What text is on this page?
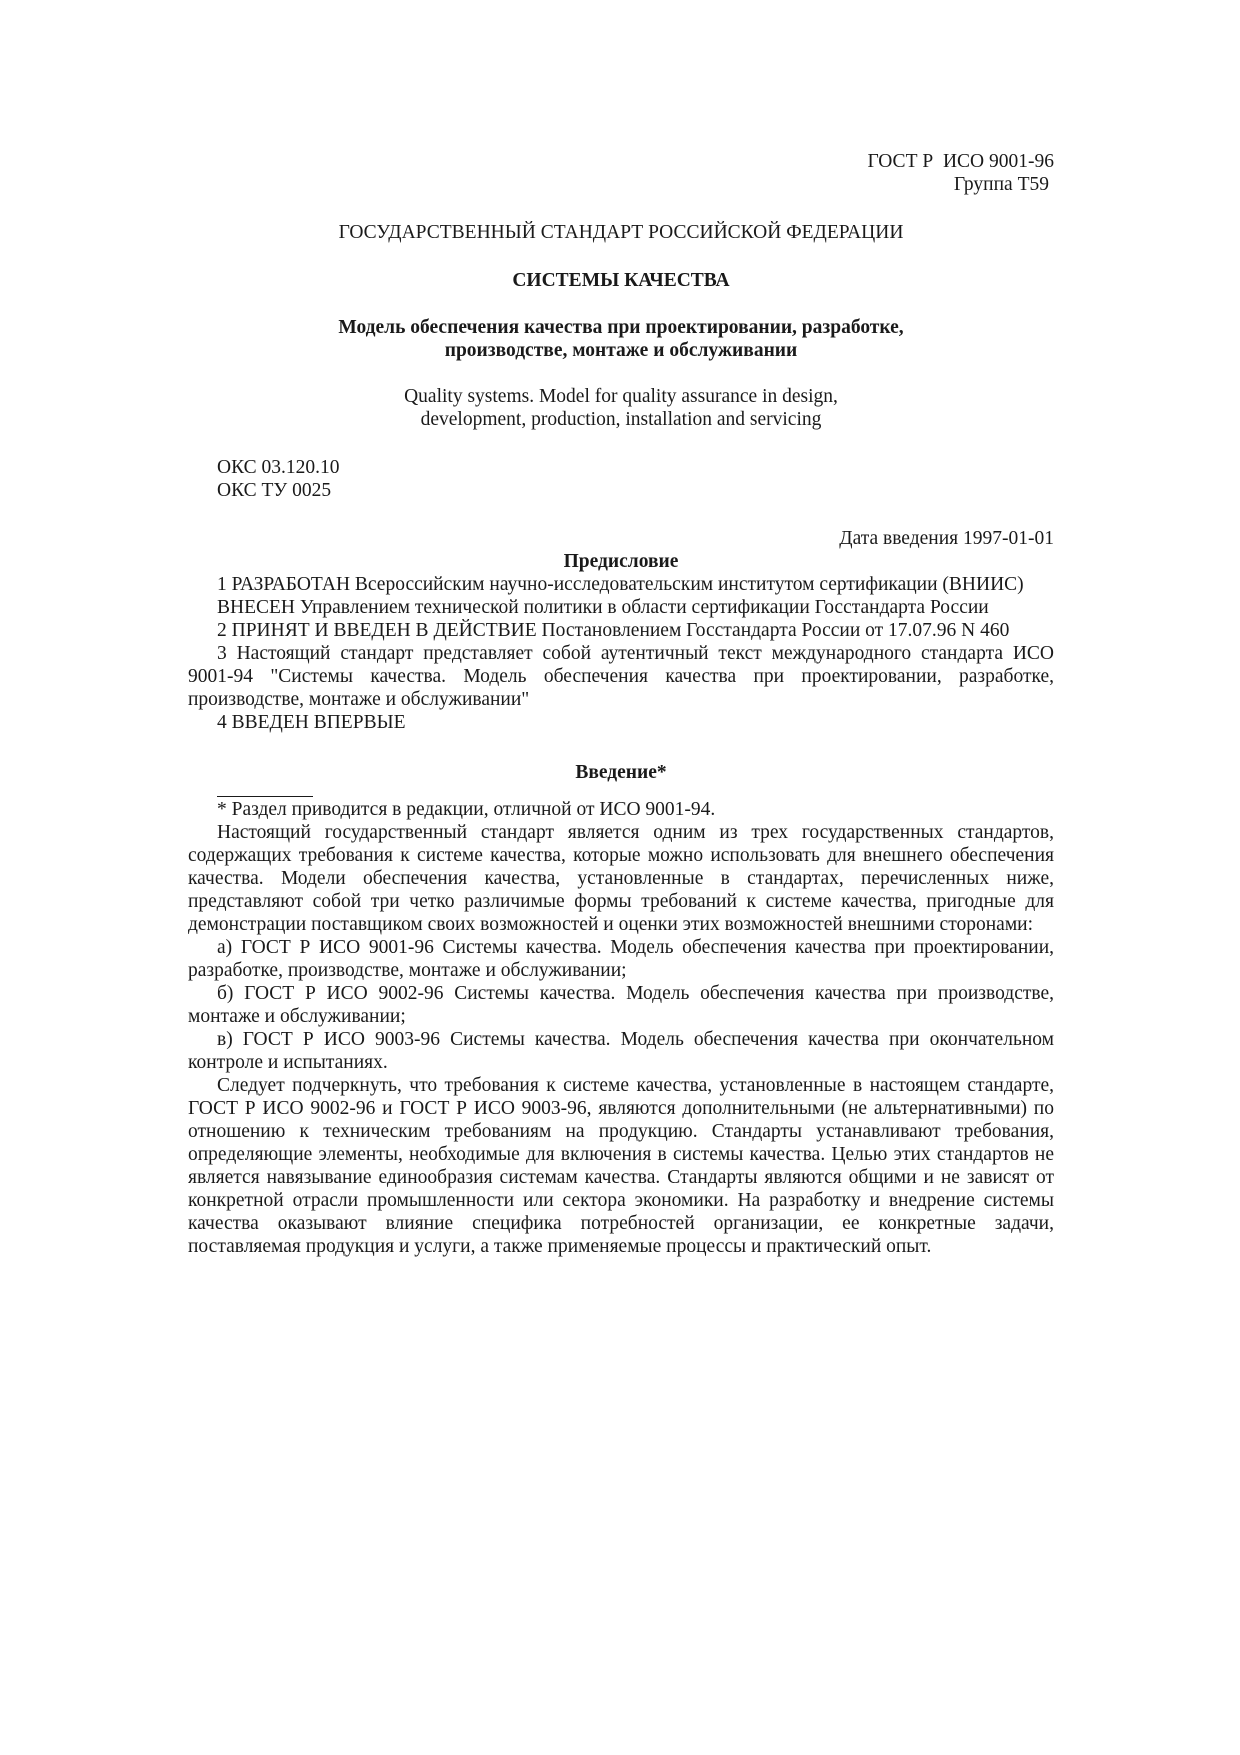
ГОСТ Р  ИСО 9001-96
Группа Т59
ГОСУДАРСТВЕННЫЙ СТАНДАРТ РОССИЙСКОЙ ФЕДЕРАЦИИ
СИСТЕМЫ КАЧЕСТВА
Модель обеспечения качества при проектировании, разработке,
производстве, монтаже и обслуживании
Quality systems. Model for quality assurance in design,
development, production, installation and servicing
ОКС 03.120.10
ОКС ТУ 0025
Дата введения 1997-01-01
Предисловие

1 РАЗРАБОТАН Всероссийским научно-исследовательским институтом сертификации (ВНИИС)

ВНЕСЕН Управлением технической политики в области сертификации Госстандарта России

2 ПРИНЯТ И ВВЕДЕН В ДЕЙСТВИЕ Постановлением Госстандарта России от 17.07.96 N 460

3 Настоящий стандарт представляет собой аутентичный текст международного стандарта ИСО 9001-94 "Системы качества. Модель обеспечения качества при проектировании, разработке, производстве, монтаже и обслуживании"

4 ВВЕДЕН ВПЕРВЫЕ

Введение*
* Раздел приводится в редакции, отличной от ИСО 9001-94.

Настоящий государственный стандарт является одним из трех государственных стандартов, содержащих требования к системе качества, которые можно использовать для внешнего обеспечения качества. Модели обеспечения качества, установленные в стандартах, перечисленных ниже, представляют собой три четко различимые формы требований к системе качества, пригодные для демонстрации поставщиком своих возможностей и оценки этих возможностей внешними сторонами:

а) ГОСТ Р ИСО 9001-96 Системы качества. Модель обеспечения качества при проектировании, разработке, производстве, монтаже и обслуживании;

б) ГОСТ Р ИСО 9002-96 Системы качества. Модель обеспечения качества при производстве, монтаже и обслуживании;

в) ГОСТ Р ИСО 9003-96 Системы качества. Модель обеспечения качества при окончательном контроле и испытаниях.

Следует подчеркнуть, что требования к системе качества, установленные в настоящем стандарте, ГОСТ Р ИСО 9002-96 и ГОСТ Р ИСО 9003-96, являются дополнительными (не альтернативными) по отношению к техническим требованиям на продукцию. Стандарты устанавливают требования, определяющие элементы, необходимые для включения в системы качества. Целью этих стандартов не является навязывание единообразия системам качества. Стандарты являются общими и не зависят от конкретной отрасли промышленности или сектора экономики. На разработку и внедрение системы качества оказывают влияние специфика потребностей организации, ее конкретные задачи, поставляемая продукция и услуги, а также применяемые процессы и практический опыт.
